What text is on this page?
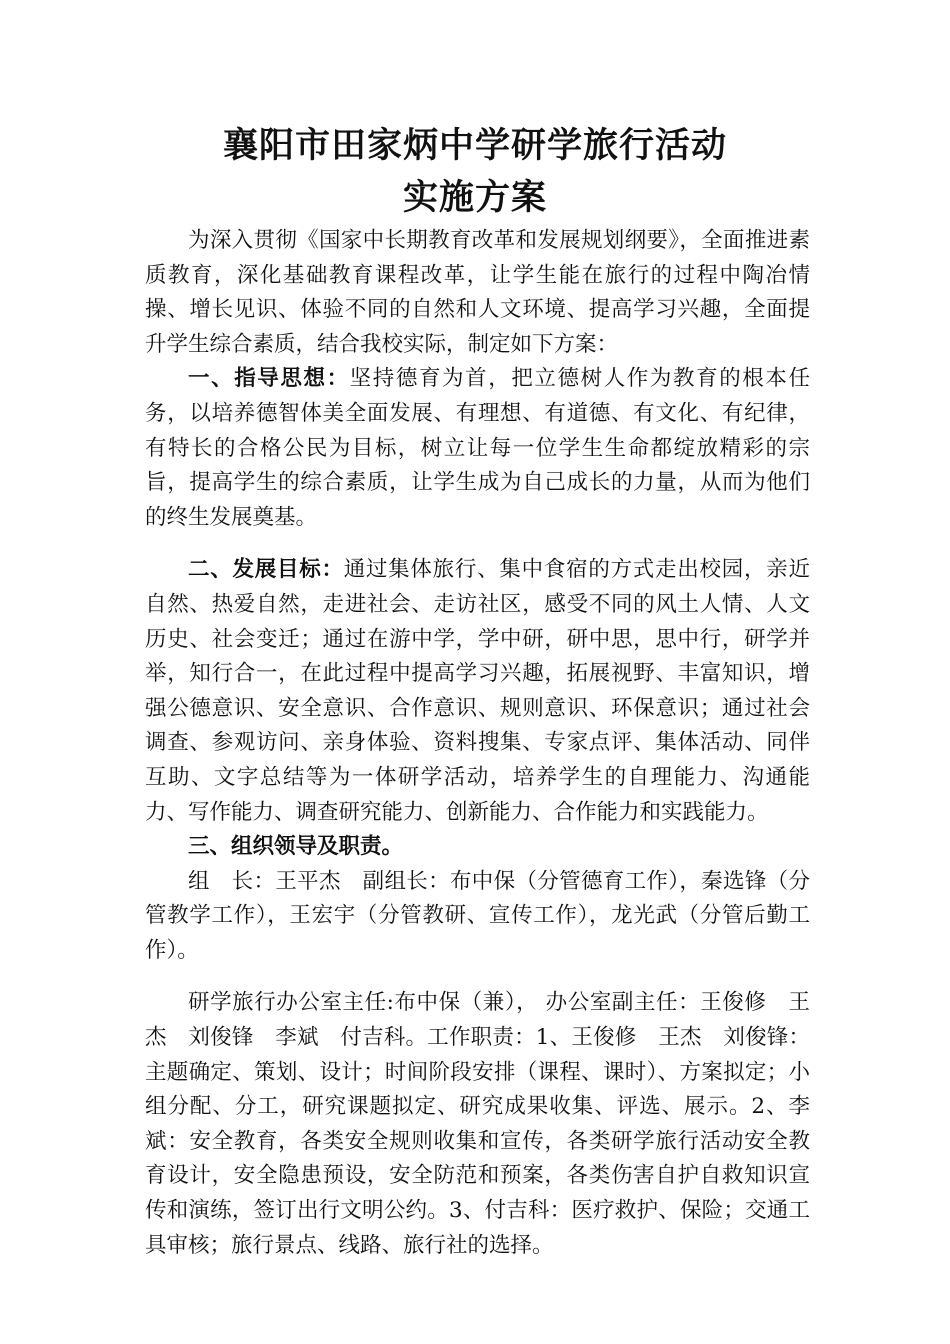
襄阳市田家炳中学研学旅行活动
实施方案

为深入贯彻《国家中长期教育改革和发展规划纲要》，全面推进素质教育，深化基础教育课程改革，让学生能在旅行的过程中陶冶情操、增长见识、体验不同的自然和人文环境、提高学习兴趣，全面提升学生综合素质，结合我校实际，制定如下方案：

一、指导思想：坚持德育为首，把立德树人作为教育的根本任务，以培养德智体美全面发展、有理想、有道德、有文化、有纪律，有特长的合格公民为目标，树立让每一位学生生命都绽放精彩的宗旨，提高学生的综合素质，让学生成为自己成长的力量，从而为他们的终生发展奠基。

二、发展目标：通过集体旅行、集中食宿的方式走出校园，亲近自然、热爱自然，走进社会、走访社区，感受不同的风土人情、人文历史、社会变迁；通过在游中学，学中研，研中思，思中行，研学并举，知行合一，在此过程中提高学习兴趣，拓展视野、丰富知识，增强公德意识、安全意识、合作意识、规则意识、环保意识；通过社会调查、参观访问、亲身体验、资料搜集、专家点评、集体活动、同伴互助、文字总结等为一体研学活动，培养学生的自理能力、沟通能力、写作能力、调查研究能力、创新能力、合作能力和实践能力。

三、组织领导及职责。

组　长：王平杰　副组长：布中保（分管德育工作），秦选锋（分管教学工作），王宏宇（分管教研、宣传工作），龙光武（分管后勤工作）。

研学旅行办公室主任:布中保（兼）， 办公室副主任：王俊修　王杰　刘俊锋　李斌　付吉科。工作职责：1、王俊修　王杰　刘俊锋：主题确定、策划、设计；时间阶段安排（课程、课时）、方案拟定；小组分配、分工，研究课题拟定、研究成果收集、评选、展示。2、李斌：安全教育，各类安全规则收集和宣传，各类研学旅行活动安全教育设计，安全隐患预设，安全防范和预案，各类伤害自护自救知识宣传和演练，签订出行文明公约。3、付吉科：医疗救护、保险；交通工具审核；旅行景点、线路、旅行社的选择。
